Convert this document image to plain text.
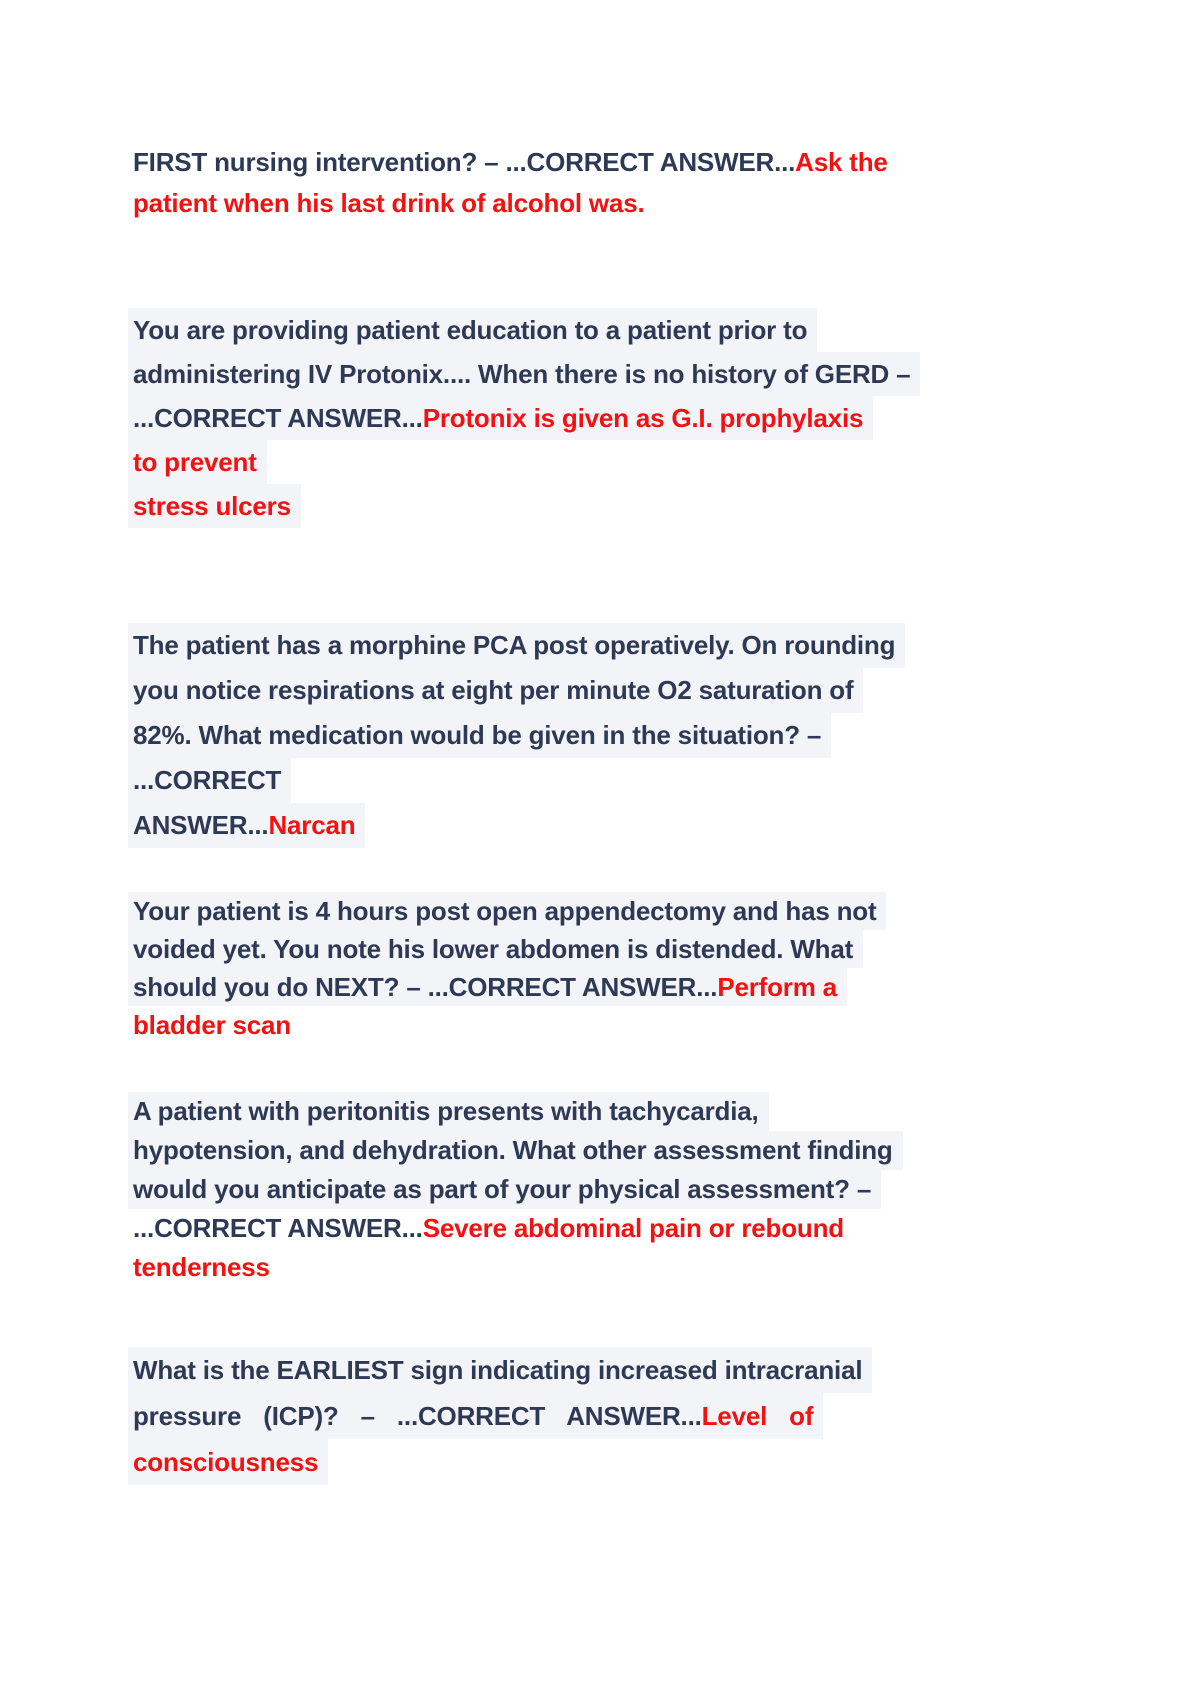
FIRST nursing intervention? – ...CORRECT ANSWER...Ask the
patient when his last drink of alcohol was.
You are providing patient education to a patient prior to
administering IV Protonix.... When there is no history of GERD –
...CORRECT ANSWER...Protonix is given as G.I. prophylaxis
to prevent
stress ulcers
The patient has a morphine PCA post operatively. On rounding
you notice respirations at eight per minute O2 saturation of
82%. What medication would be given in the situation? –
...CORRECT
ANSWER...Narcan
Your patient is 4 hours post open appendectomy and has not
voided yet. You note his lower abdomen is distended. What
should you do NEXT? – ...CORRECT ANSWER...Perform a
bladder scan
A patient with peritonitis presents with tachycardia,
hypotension, and dehydration. What other assessment finding
would you anticipate as part of your physical assessment? –
...CORRECT ANSWER...Severe abdominal pain or rebound
tenderness
What is the EARLIEST sign indicating increased intracranial
pressure (ICP)? – ...CORRECT ANSWER...Level of
consciousness
